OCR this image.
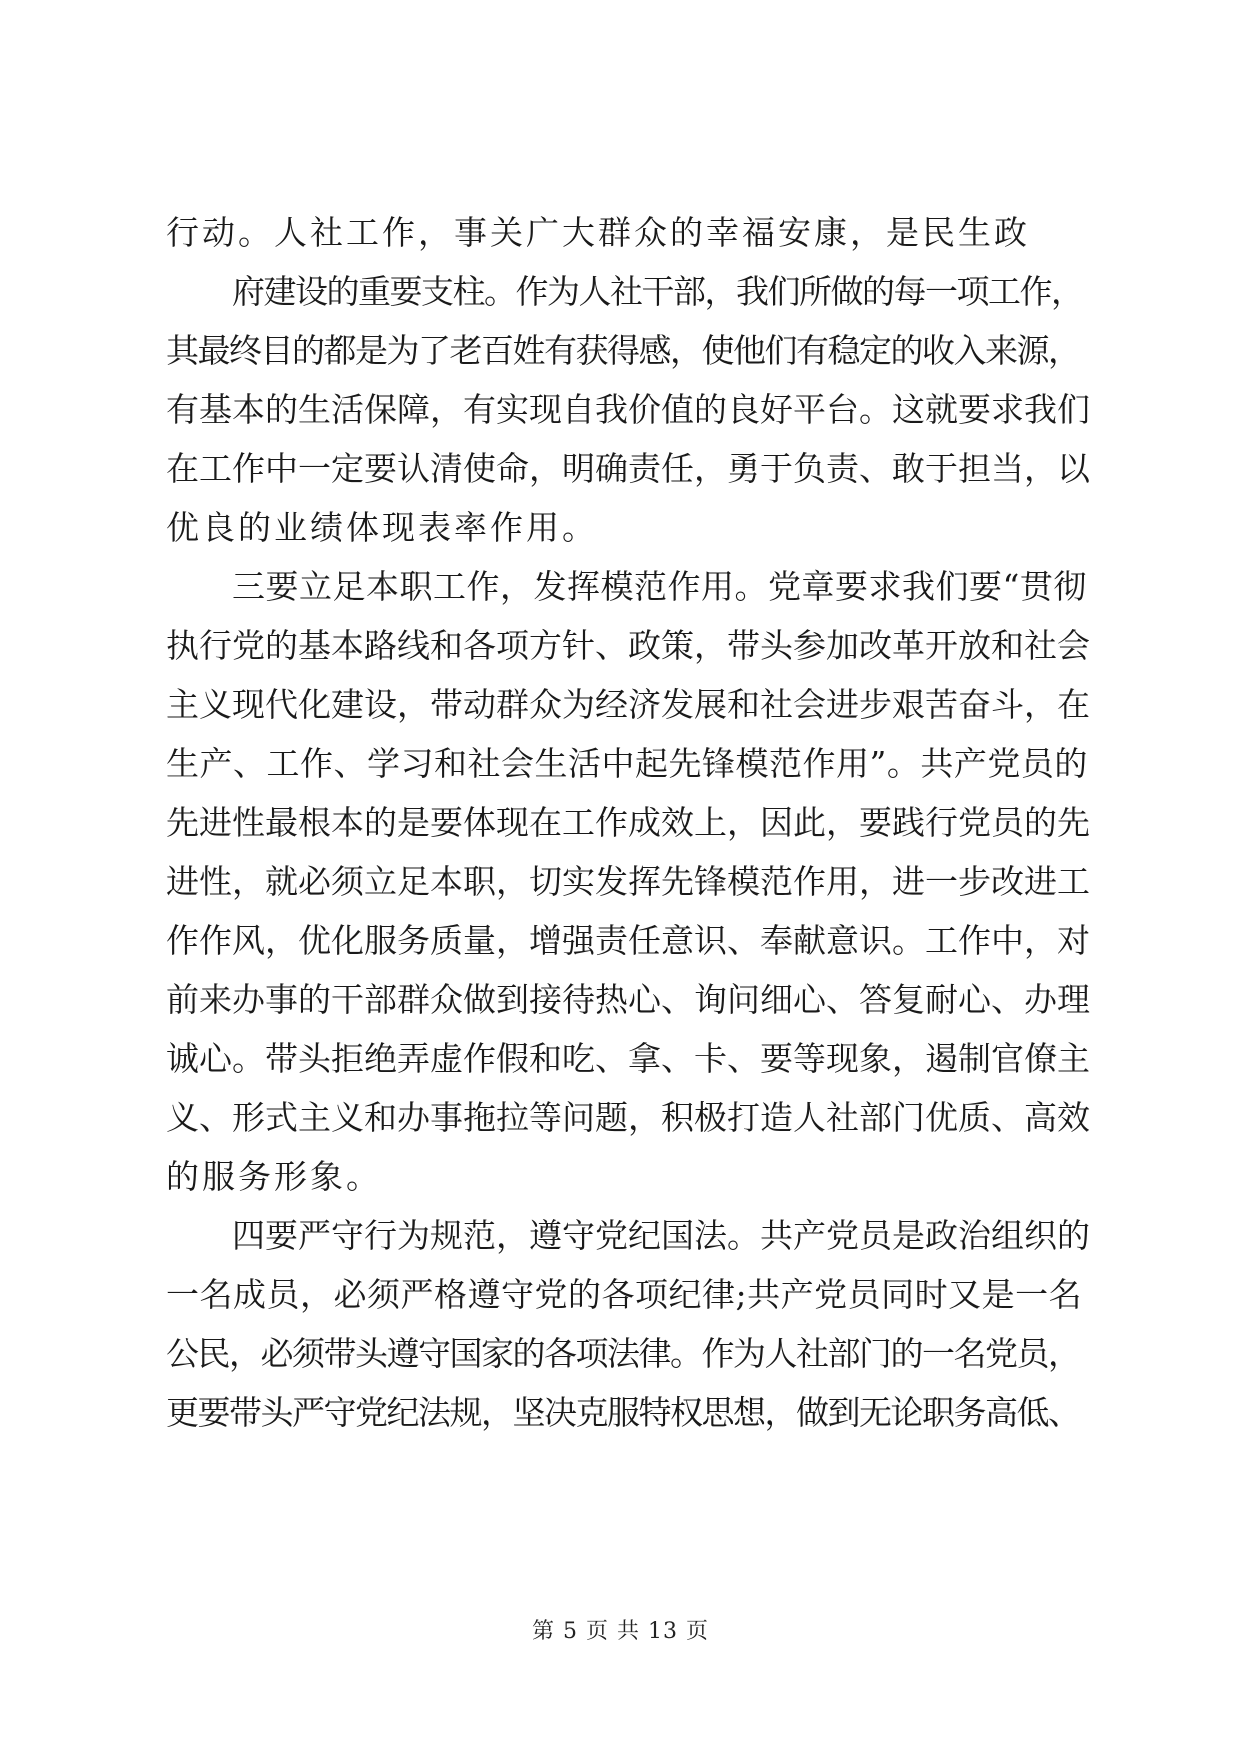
行动。人社工作，事关广大群众的幸福安康，是民生政
府建设的重要支柱。作为人社干部，我们所做的每一项工作，
其最终目的都是为了老百姓有获得感，使他们有稳定的收入来源，
有基本的生活保障，有实现自我价值的良好平台。这就要求我们
在工作中一定要认清使命，明确责任，勇于负责、敢于担当，以
优良的业绩体现表率作用。
三要立足本职工作，发挥模范作用。党章要求我们要“贯彻
执行党的基本路线和各项方针、政策，带头参加改革开放和社会
主义现代化建设，带动群众为经济发展和社会进步艰苦奋斗，在
生产、工作、学习和社会生活中起先锋模范作用”。共产党员的
先进性最根本的是要体现在工作成效上，因此，要践行党员的先
进性，就必须立足本职，切实发挥先锋模范作用，进一步改进工
作作风，优化服务质量，增强责任意识、奉献意识。工作中，对
前来办事的干部群众做到接待热心、询问细心、答复耐心、办理
诚心。带头拒绝弄虚作假和吃、拿、卡、要等现象，遏制官僚主
义、形式主义和办事拖拉等问题，积极打造人社部门优质、高效
的服务形象。
四要严守行为规范，遵守党纪国法。共产党员是政治组织的
一名成员，必须严格遵守党的各项纪律;共产党员同时又是一名
公民，必须带头遵守国家的各项法律。作为人社部门的一名党员，
更要带头严守党纪法规，坚决克服特权思想，做到无论职务高低、
第 5 页 共 13 页
